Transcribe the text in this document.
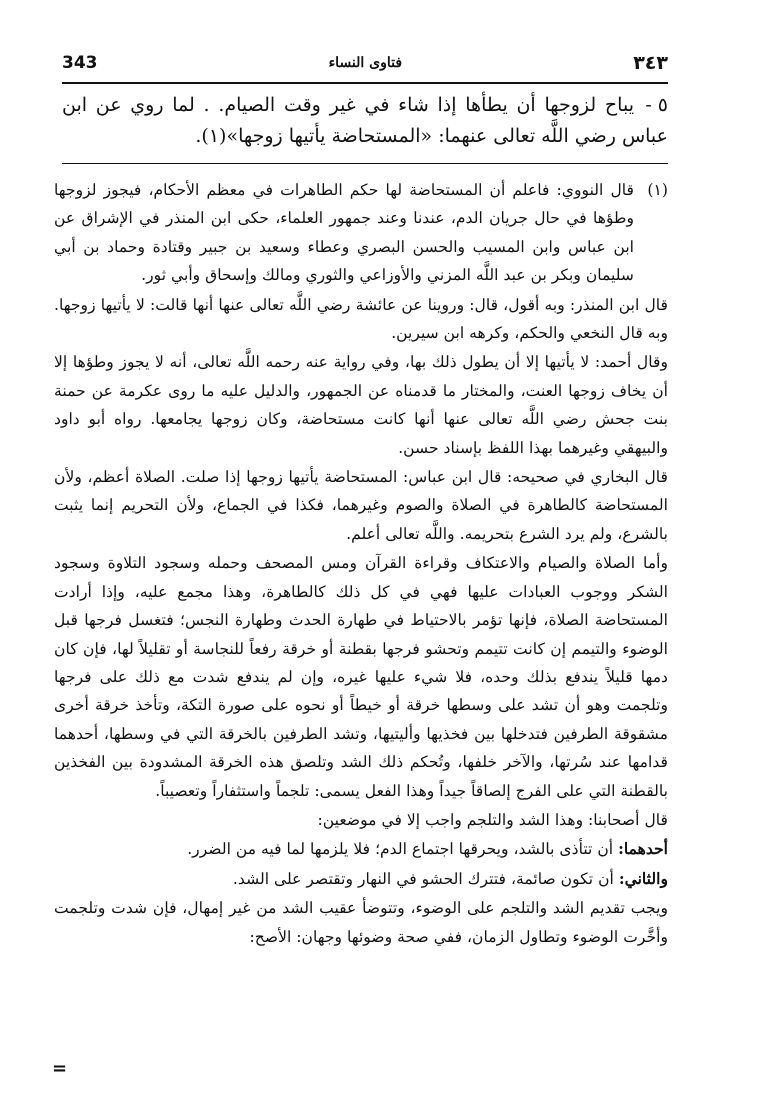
343	فتاوى النساء	٣٤٣

٥ -يباح لزوجها أن يطأها إذا شاء في غير وقت الصيام. . لما روي عن ابن عباس رضي اللَّه تعالى عنهما: «المستحاضة يأتيها زوجها»(١).

(١)قال النووي: فاعلم أن المستحاضة لها حكم الطاهرات في معظم الأحكام، فيجوز لزوجها وطؤها في حال جريان الدم، عندنا وعند جمهور العلماء، حكى ابن المنذر في الإشراق عن ابن عباس وابن المسيب والحسن البصري وعطاء وسعيد بن جبير وقتادة وحماد بن أبي سليمان وبكر بن عبد اللَّه المزني والأوزاعي والثوري ومالك وإسحاق وأبي ثور.

قال ابن المنذر: وبه أقول، قال: وروينا عن عائشة رضي اللَّه تعالى عنها أنها قالت: لا يأتيها زوجها. وبه قال النخعي والحكم، وكرهه ابن سيرين.

وقال أحمد: لا يأتيها إلا أن يطول ذلك بها، وفي رواية عنه رحمه اللَّه تعالى، أنه لا يجوز وطؤها إلا أن يخاف زوجها العنت، والمختار ما قدمناه عن الجمهور، والدليل عليه ما روى عكرمة عن حمنة بنت جحش رضي اللَّه تعالى عنها أنها كانت مستحاضة، وكان زوجها يجامعها. رواه أبو داود والبيهقي وغيرهما بهذا اللفظ بإسناد حسن.

قال البخاري في صحيحه: قال ابن عباس: المستحاضة يأتيها زوجها إذا صلت. الصلاة أعظم، ولأن المستحاضة كالطاهرة في الصلاة والصوم وغيرهما، فكذا في الجماع، ولأن التحريم إنما يثبت بالشرع، ولم يرد الشرع بتحريمه. واللَّه تعالى أعلم.

وأما الصلاة والصيام والاعتكاف وقراءة القرآن ومس المصحف وحمله وسجود التلاوة وسجود الشكر ووجوب العبادات عليها فهي في كل ذلك كالطاهرة، وهذا مجمع عليه، وإذا أرادت المستحاضة الصلاة، فإنها تؤمر بالاحتياط في طهارة الحدث وطهارة النجس؛ فتغسل فرجها قبل الوضوء والتيمم إن كانت تتيمم وتحشو فرجها بقطنة أو خرقة رفعاً للنجاسة أو تقليلاً لها، فإن كان دمها قليلاً يندفع بذلك وحده، فلا شيء عليها غيره، وإن لم يندفع شدت مع ذلك على فرجها وتلجمت وهو أن تشد على وسطها خرقة أو خيطاً أو نحوه على صورة التكة، وتأخذ خرقة أخرى مشقوقة الطرفين فتدخلها بين فخذيها وأليتيها، وتشد الطرفين بالخرقة التي في وسطها، أحدهما قدامها عند سُرتها، والآخر خلفها، وتُحكم ذلك الشد وتلصق هذه الخرقة المشدودة بين الفخذين بالقطنة التي على الفرج إلصاقاً جيداً وهذا الفعل يسمى: تلجماً واستثفاراً وتعصيباً.

قال أصحابنا: وهذا الشد والتلجم واجب إلا في موضعين:

أحدهما: أن تتأذى بالشد، ويحرقها اجتماع الدم؛ فلا يلزمها لما فيه من الضرر.

والثاني: أن تكون صائمة، فتترك الحشو في النهار وتقتصر على الشد.

ويجب تقديم الشد والتلجم على الوضوء، وتتوضأ عقيب الشد من غير إمهال، فإن شدت وتلجمت وأخَّرت الوضوء وتطاول الزمان، ففي صحة وضوئها وجهان: الأصح:

=
